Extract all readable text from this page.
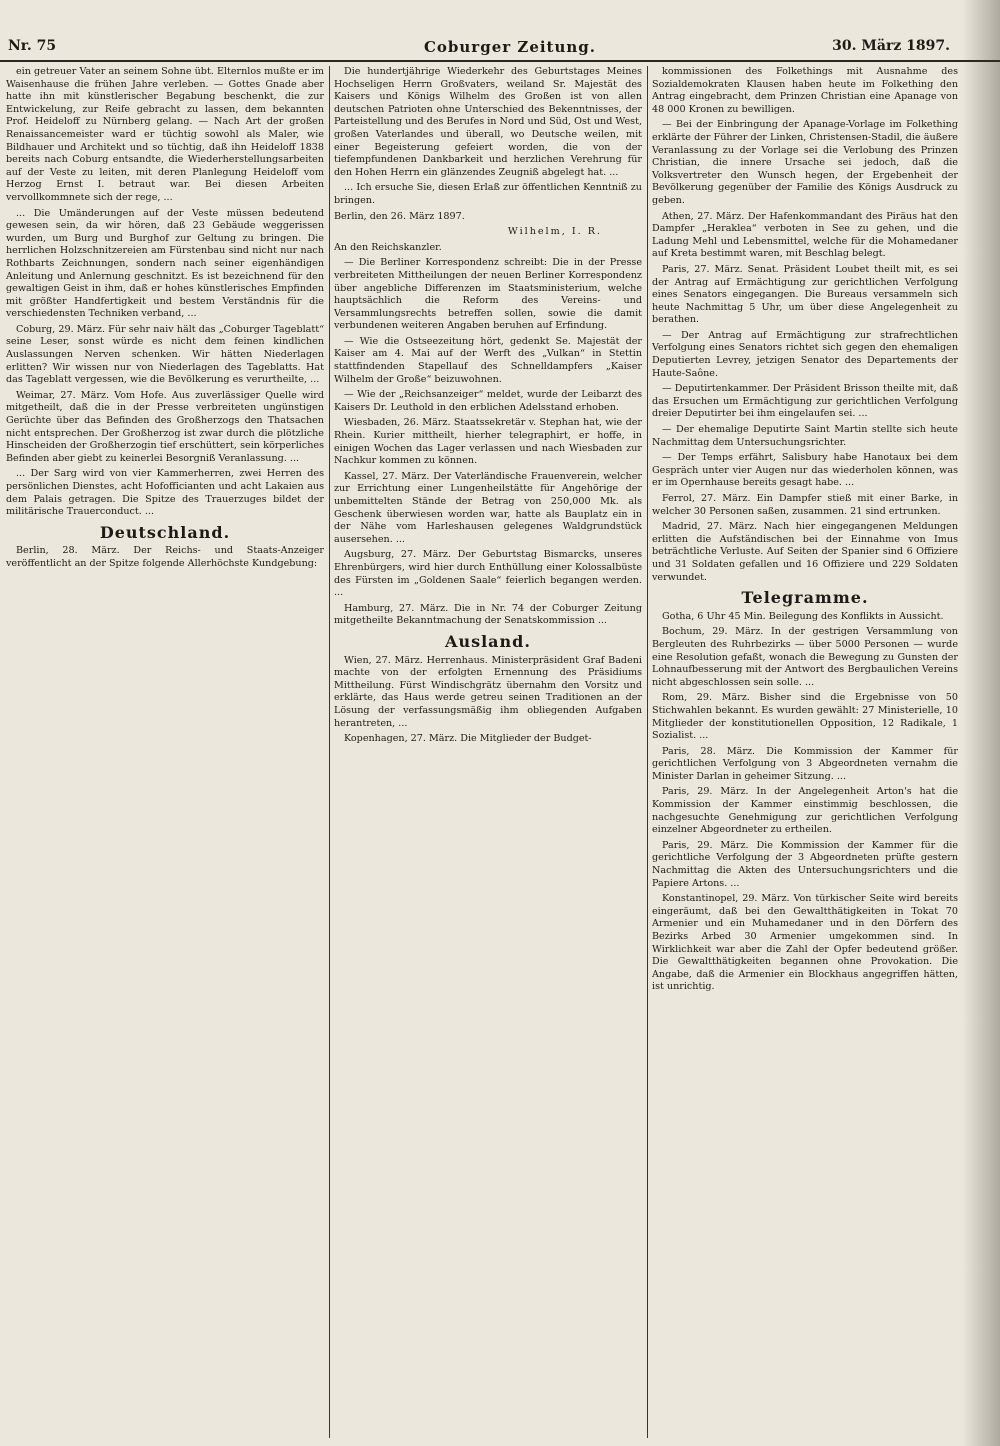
Nr. 75	Coburger Zeitung.	30. März 1897.

ein getreuer Vater an seinem Sohne übt. Elternlos mußte er im Waisenhause die frühen Jahre verleben. — Gottes Gnade aber hatte ihn mit künstlerischer Begabung beschenkt, die zur Entwickelung, zur Reife gebracht zu lassen, dem bekannten Prof. Heideloff zu Nürnberg gelang. — Nach Art der großen Renaissancemeister ward er tüchtig sowohl als Maler, wie Bildhauer und Architekt und so tüchtig, daß ihn Heideloff 1838 bereits nach Coburg entsandte, die Wiederherstellungsarbeiten auf der Veste zu leiten, mit deren Planlegung Heideloff vom Herzog Ernst I. betraut war. Bei diesen Arbeiten vervollkommnete sich der rege, ...

... Die Umänderungen auf der Veste müssen bedeutend gewesen sein, da wir hören, daß 23 Gebäude weggerissen wurden, um Burg und Burghof zur Geltung zu bringen. Die herrlichen Holzschnitzereien am Fürstenbau sind nicht nur nach Rothbarts Zeichnungen, sondern nach seiner eigenhändigen Anleitung und Anlernung geschnitzt. Es ist bezeichnend für den gewaltigen Geist in ihm, daß er hohes künstlerisches Empfinden mit größter Handfertigkeit und bestem Verständnis für die verschiedensten Techniken verband, ...

Coburg, 29. März. Für sehr naiv hält das „Coburger Tageblatt“ seine Leser, sonst würde es nicht dem feinen kindlichen Auslassungen Nerven schenken. Wir hätten Niederlagen erlitten? Wir wissen nur von Niederlagen des Tageblatts. Hat das Tageblatt vergessen, wie die Bevölkerung es verurtheilte, ...

Weimar, 27. März. Vom Hofe. Aus zuverlässiger Quelle wird mitgetheilt, daß die in der Presse verbreiteten ungünstigen Gerüchte über das Befinden des Großherzogs den Thatsachen nicht entsprechen. Der Großherzog ist zwar durch die plötzliche Hinscheiden der Großherzogin tief erschüttert, sein körperliches Befinden aber giebt zu keinerlei Besorgniß Veranlassung. ...

... Der Sarg wird von vier Kammerherren, zwei Herren des persönlichen Dienstes, acht Hofofficianten und acht Lakaien aus dem Palais getragen. Die Spitze des Trauerzuges bildet der militärische Trauerconduct. ...

Deutschland.

Berlin, 28. März. Der Reichs- und Staats-Anzeiger veröffentlicht an der Spitze folgende Allerhöchste Kundgebung:

Die hundertjährige Wiederkehr des Geburtstages Meines Hochseligen Herrn Großvaters, weiland Sr. Majestät des Kaisers und Königs Wilhelm des Großen ist von allen deutschen Patrioten ohne Unterschied des Bekenntnisses, der Parteistellung und des Berufes in Nord und Süd, Ost und West, großen Vaterlandes und überall, wo Deutsche weilen, mit einer Begeisterung gefeiert worden, die von der tiefempfundenen Dankbarkeit und herzlichen Verehrung für den Hohen Herrn ein glänzendes Zeugniß abgelegt hat. ...

... Ich ersuche Sie, diesen Erlaß zur öffentlichen Kenntniß zu bringen.

Berlin, den 26. März 1897.

Wilhelm, I. R.

An den Reichskanzler.

— Die Berliner Korrespondenz schreibt: Die in der Presse verbreiteten Mittheilungen der neuen Berliner Korrespondenz über angebliche Differenzen im Staatsministerium, welche hauptsächlich die Reform des Vereins- und Versammlungsrechts betreffen sollen, sowie die damit verbundenen weiteren Angaben beruhen auf Erfindung.

— Wie die Ostseezeitung hört, gedenkt Se. Majestät der Kaiser am 4. Mai auf der Werft des „Vulkan“ in Stettin stattfindenden Stapellauf des Schnelldampfers „Kaiser Wilhelm der Große“ beizuwohnen.

— Wie der „Reichsanzeiger“ meldet, wurde der Leibarzt des Kaisers Dr. Leuthold in den erblichen Adelsstand erhoben.

Wiesbaden, 26. März. Staatssekretär v. Stephan hat, wie der Rhein. Kurier mittheilt, hierher telegraphirt, er hoffe, in einigen Wochen das Lager verlassen und nach Wiesbaden zur Nachkur kommen zu können.

Kassel, 27. März. Der Vaterländische Frauenverein, welcher zur Errichtung einer Lungenheilstätte für Angehörige der unbemittelten Stände der Betrag von 250,000 Mk. als Geschenk überwiesen worden war, hatte als Bauplatz ein in der Nähe vom Harleshausen gelegenes Waldgrundstück ausersehen. ...

Augsburg, 27. März. Der Geburtstag Bismarcks, unseres Ehrenbürgers, wird hier durch Enthüllung einer Kolossalbüste des Fürsten im „Goldenen Saale“ feierlich begangen werden. ...

Hamburg, 27. März. Die in Nr. 74 der Coburger Zeitung mitgetheilte Bekanntmachung der Senatskommission ...

Ausland.

Wien, 27. März. Herrenhaus. Ministerpräsident Graf Badeni machte von der erfolgten Ernennung des Präsidiums Mittheilung. Fürst Windischgrätz übernahm den Vorsitz und erklärte, das Haus werde getreu seinen Traditionen an der Lösung der verfassungsmäßig ihm obliegenden Aufgaben herantreten, ...

Kopenhagen, 27. März. Die Mitglieder der Budget-

kommissionen des Folkethings mit Ausnahme des Sozialdemokraten Klausen haben heute im Folkething den Antrag eingebracht, dem Prinzen Christian eine Apanage von 48 000 Kronen zu bewilligen.

— Bei der Einbringung der Apanage-Vorlage im Folkething erklärte der Führer der Linken, Christensen-Stadil, die äußere Veranlassung zu der Vorlage sei die Verlobung des Prinzen Christian, die innere Ursache sei jedoch, daß die Volksvertreter den Wunsch hegen, der Ergebenheit der Bevölkerung gegenüber der Familie des Königs Ausdruck zu geben.

Athen, 27. März. Der Hafenkommandant des Piräus hat den Dampfer „Heraklea“ verboten in See zu gehen, und die Ladung Mehl und Lebensmittel, welche für die Mohamedaner auf Kreta bestimmt waren, mit Beschlag belegt.

Paris, 27. März. Senat. Präsident Loubet theilt mit, es sei der Antrag auf Ermächtigung zur gerichtlichen Verfolgung eines Senators eingegangen. Die Bureaus versammeln sich heute Nachmittag 5 Uhr, um über diese Angelegenheit zu berathen.

— Der Antrag auf Ermächtigung zur strafrechtlichen Verfolgung eines Senators richtet sich gegen den ehemaligen Deputierten Levrey, jetzigen Senator des Departements der Haute-Saône.

— Deputirtenkammer. Der Präsident Brisson theilte mit, daß das Ersuchen um Ermächtigung zur gerichtlichen Verfolgung dreier Deputirter bei ihm eingelaufen sei. ...

— Der ehemalige Deputirte Saint Martin stellte sich heute Nachmittag dem Untersuchungsrichter.

— Der Temps erfährt, Salisbury habe Hanotaux bei dem Gespräch unter vier Augen nur das wiederholen können, was er im Opernhause bereits gesagt habe. ...

Ferrol, 27. März. Ein Dampfer stieß mit einer Barke, in welcher 30 Personen saßen, zusammen. 21 sind ertrunken.

Madrid, 27. März. Nach hier eingegangenen Meldungen erlitten die Aufständischen bei der Einnahme von Imus beträchtliche Verluste. Auf Seiten der Spanier sind 6 Offiziere und 31 Soldaten gefallen und 16 Offiziere und 229 Soldaten verwundet.

Telegramme.

Gotha, 6 Uhr 45 Min. Beilegung des Konflikts in Aussicht.

Bochum, 29. März. In der gestrigen Versammlung von Bergleuten des Ruhrbezirks — über 5000 Personen — wurde eine Resolution gefaßt, wonach die Bewegung zu Gunsten der Lohnaufbesserung mit der Antwort des Bergbaulichen Vereins nicht abgeschlossen sein solle. ...

Rom, 29. März. Bisher sind die Ergebnisse von 50 Stichwahlen bekannt. Es wurden gewählt: 27 Ministerielle, 10 Mitglieder der konstitutionellen Opposition, 12 Radikale, 1 Sozialist. ...

Paris, 28. März. Die Kommission der Kammer für gerichtlichen Verfolgung von 3 Abgeordneten vernahm die Minister Darlan in geheimer Sitzung. ...

Paris, 29. März. In der Angelegenheit Arton's hat die Kommission der Kammer einstimmig beschlossen, die nachgesuchte Genehmigung zur gerichtlichen Verfolgung einzelner Abgeordneter zu ertheilen.

Paris, 29. März. Die Kommission der Kammer für die gerichtliche Verfolgung der 3 Abgeordneten prüfte gestern Nachmittag die Akten des Untersuchungsrichters und die Papiere Artons. ...

Konstantinopel, 29. März. Von türkischer Seite wird bereits eingeräumt, daß bei den Gewaltthätigkeiten in Tokat 70 Armenier und ein Muhamedaner und in den Dörfern des Bezirks Arbed 30 Armenier umgekommen sind. In Wirklichkeit war aber die Zahl der Opfer bedeutend größer. Die Gewaltthätigkeiten begannen ohne Provokation. Die Angabe, daß die Armenier ein Blockhaus angegriffen hätten, ist unrichtig.
